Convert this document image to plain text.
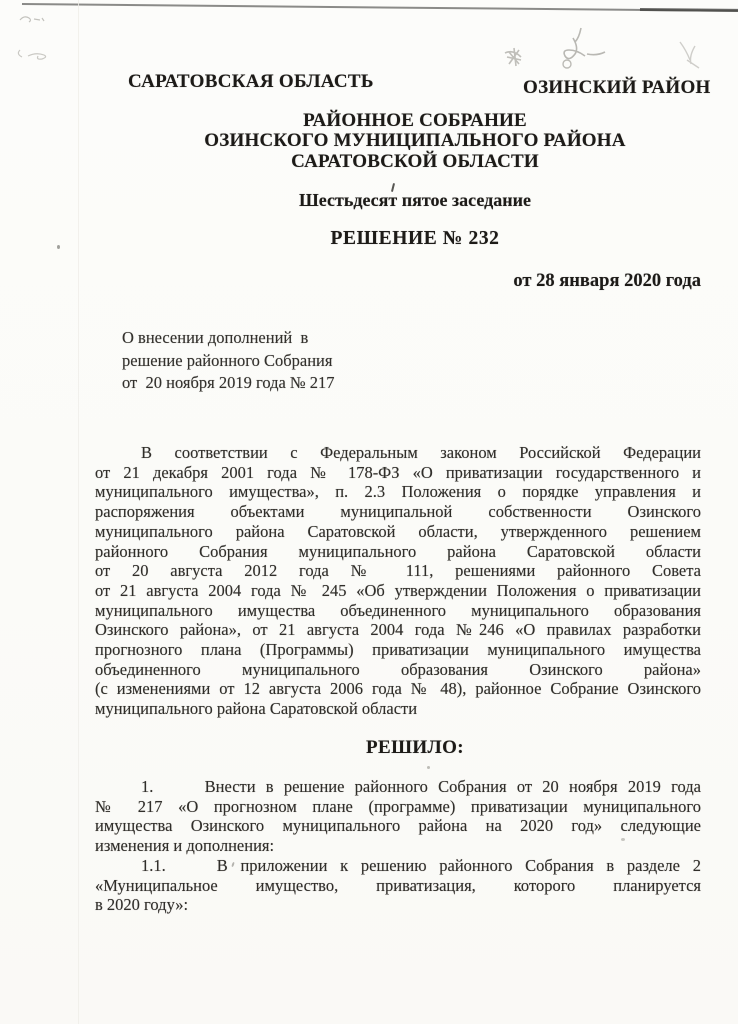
САРАТОВСКАЯ ОБЛАСТЬ	ОЗИНСКИЙ РАЙОН
РАЙОННОЕ СОБРАНИЕ
ОЗИНСКОГО МУНИЦИПАЛЬНОГО РАЙОНА
САРАТОВСКОЙ ОБЛАСТИ
Шестьдесят пятое заседание
РЕШЕНИЕ № 232
от 28 января 2020 года
О внесении дополнений  в
решение районного Собрания
от  20 ноября 2019 года № 217
В соответствии с Федеральным законом Российской Федерации
от 21 декабря 2001 года № 178-ФЗ «О приватизации государственного и
муниципального имущества», п. 2.3 Положения о порядке управления и
распоряжения объектами муниципальной собственности Озинского
муниципального района Саратовской области, утвержденного решением
районного Собрания муниципального района Саратовской области
от 20 августа 2012 года № 111, решениями районного Совета
от 21 августа 2004 года № 245 «Об утверждении Положения о приватизации
муниципального имущества объединенного муниципального образования
Озинского района», от 21 августа 2004 года №246 «О правилах разработки
прогнозного плана (Программы) приватизации муниципального имущества
объединенного муниципального образования Озинского района»
(с изменениями от 12 августа 2006 года № 48), районное Собрание Озинского
муниципального района Саратовской области
РЕШИЛО:
1.     Внести в решение районного Собрания от 20 ноября 2019 года
№ 217 «О прогнозном плане (программе) приватизации муниципального
имущества Озинского муниципального района на 2020 год» следующие
изменения и дополнения:
1.1.    В приложении к решению районного Собрания в разделе 2
«Муниципальное имущество, приватизация, которого планируется
в 2020 году»:
